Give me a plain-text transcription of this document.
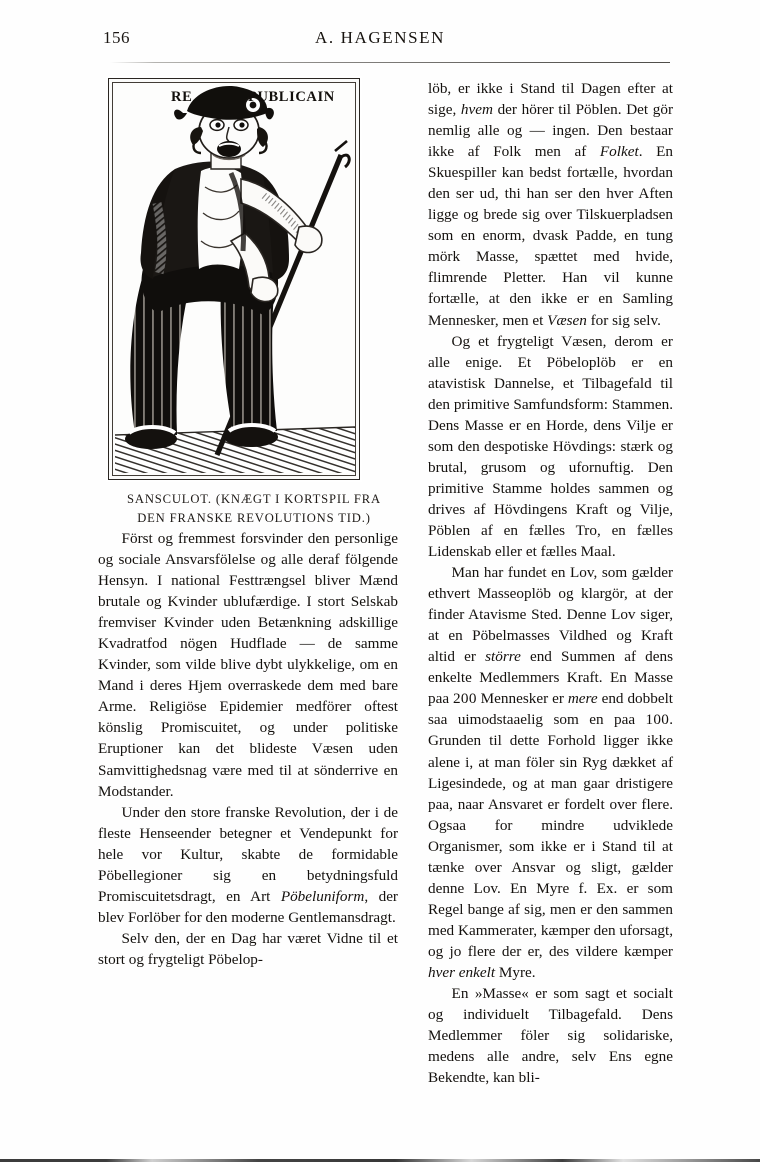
156	A. HAGENSEN
RE	PUBLICAIN
SANSCULOT. (KNÆGT I KORTSPIL FRA
DEN FRANSKE REVOLUTIONS TID.)

Först og fremmest forsvinder den personlige og sociale Ansvarsfölelse og alle deraf fölgende Hensyn. I national Festtrængsel bliver Mænd brutale og Kvinder ublufærdige. I stort Selskab fremviser Kvinder uden Betænkning adskillige Kvadratfod nögen Hudflade — de samme Kvinder, som vilde blive dybt ulykkelige, om en Mand i deres Hjem overraskede dem med bare Arme. Religiöse Epidemier medförer oftest könslig Promiscuitet, og under politiske Eruptioner kan det blideste Væsen uden Samvittighedsnag være med til at sönderrive en Modstander.

Under den store franske Revolution, der i de fleste Henseender betegner et Vendepunkt for hele vor Kultur, skabte de formidable Pöbellegioner sig en betydningsfuld Promiscuitetsdragt, en Art Pöbeluniform, der blev Forlöber for den moderne Gentlemansdragt.

Selv den, der en Dag har været Vidne til et stort og frygteligt Pöbelop-

löb, er ikke i Stand til Dagen efter at sige, hvem der hörer til Pöblen. Det gör nemlig alle og — ingen. Den bestaar ikke af Folk men af Folket. En Skuespiller kan bedst fortælle, hvordan den ser ud, thi han ser den hver Aften ligge og brede sig over Tilskuerpladsen som en enorm, dvask Padde, en tung mörk Masse, spættet med hvide, flimrende Pletter. Han vil kunne fortælle, at den ikke er en Samling Mennesker, men et Væsen for sig selv.

Og et frygteligt Væsen, derom er alle enige. Et Pöbeloplöb er en atavistisk Dannelse, et Tilbagefald til den primitive Samfundsform: Stammen. Dens Masse er en Horde, dens Vilje er som den despotiske Hövdings: stærk og brutal, grusom og ufornuftig. Den primitive Stamme holdes sammen og drives af Hövdingens Kraft og Vilje, Pöblen af en fælles Tro, en fælles Lidenskab eller et fælles Maal.

Man har fundet en Lov, som gælder ethvert Masseoplöb og klargör, at der finder Atavisme Sted. Denne Lov siger, at en Pöbelmasses Vildhed og Kraft altid er större end Summen af dens enkelte Medlemmers Kraft. En Masse paa 200 Mennesker er mere end dobbelt saa uimodstaaelig som en paa 100. Grunden til dette Forhold ligger ikke alene i, at man föler sin Ryg dækket af Ligesindede, og at man gaar dristigere paa, naar Ansvaret er fordelt over flere. Ogsaa for mindre udviklede Organismer, som ikke er i Stand til at tænke over Ansvar og sligt, gælder denne Lov. En Myre f. Ex. er som Regel bange af sig, men er den sammen med Kammerater, kæmper den uforsagt, og jo flere der er, des vildere kæmper hver enkelt Myre.

En »Masse« er som sagt et socialt og individuelt Tilbagefald. Dens Medlemmer föler sig solidariske, medens alle andre, selv Ens egne Bekendte, kan bli-
